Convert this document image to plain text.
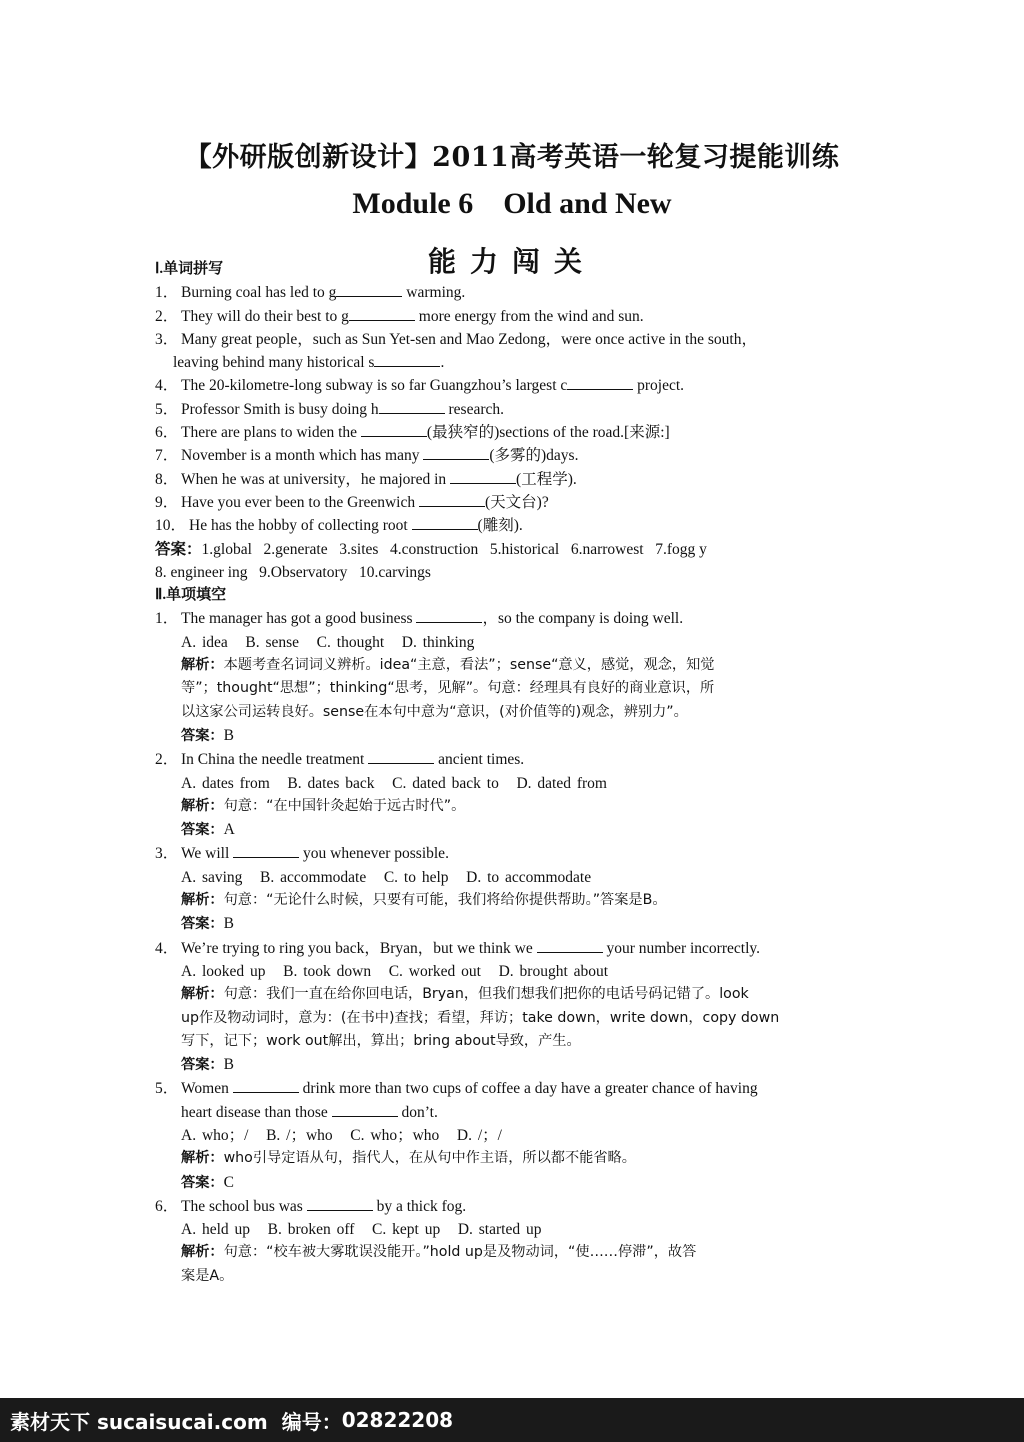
【外研版创新设计】2011高考英语一轮复习提能训练
Module 6    Old and New
能力闯关
Ⅰ.单词拼写
1． Burning coal has led to g	warming.
2． They will do their best to g	more energy from the wind and sun.
3． Many great people，such as Sun Yet-sen and Mao Zedong，were once active in the south，
leaving behind many historical s	.
4． The 20-kilometre-long subway is so far Guangzhou’s largest c	project.
5． Professor Smith is busy doing h	research.
6． There are plans to widen the	(最狭窄的)sections of the road.[来源:]
7． November is a month which has many	(多雾的)days.
8． When he was at university，he majored in	(工程学).
9． Have you ever been to the Greenwich	(天文台)?
10． He has the hobby of collecting root	(雕刻).
答案：1.global   2.generate   3.sites   4.construction   5.historical   6.narrowest   7.fogg y
8. engineer ing   9.Observatory   10.carvings
Ⅱ.单项填空
1． The manager has got a good business	，so the company is doing well.
A. idea   B. sense   C. thought   D. thinking
解析：本题考查名词词义辨析。idea“主意，看法”；sense“意义，感觉，观念，知觉
等”；thought“思想”；thinking“思考，见解”。句意：经理具有良好的商业意识，所
以这家公司运转良好。sense在本句中意为“意识，(对价值等的)观念，辨别力”。
答案：B
2． In China the needle treatment	ancient times.
A. dates from   B. dates back   C. dated back to   D. dated from
解析：句意：“在中国针灸起始于远古时代”。
答案：A
3． We will	you whenever possible.
A. saving   B. accommodate   C. to help   D. to accommodate
解析：句意：“无论什么时候，只要有可能，我们将给你提供帮助。”答案是B。
答案：B
4． We’re trying to ring you back，Bryan，but we think we	your number incorrectly.
A. looked up   B. took down   C. worked out   D. brought about
解析：句意：我们一直在给你回电话，Bryan，但我们想我们把你的电话号码记错了。look
up作及物动词时，意为：(在书中)查找；看望，拜访；take down，write down，copy down
写下，记下；work out解出，算出；bring about导致，产生。
答案：B
5． Women	drink more than two cups of coffee a day have a greater chance of having
heart disease than those	don’t.
A. who；/   B. /；who   C. who；who   D. /；/
解析：who引导定语从句，指代人，在从句中作主语，所以都不能省略。
答案：C
6． The school bus was	by a thick fog.
A. held up   B. broken off   C. kept up   D. started up
解析：句意：“校车被大雾耽误没能开。”hold up是及物动词，“使……停滞”，故答
案是A。
素材天下 sucaisucai.com 编号： 02822208
